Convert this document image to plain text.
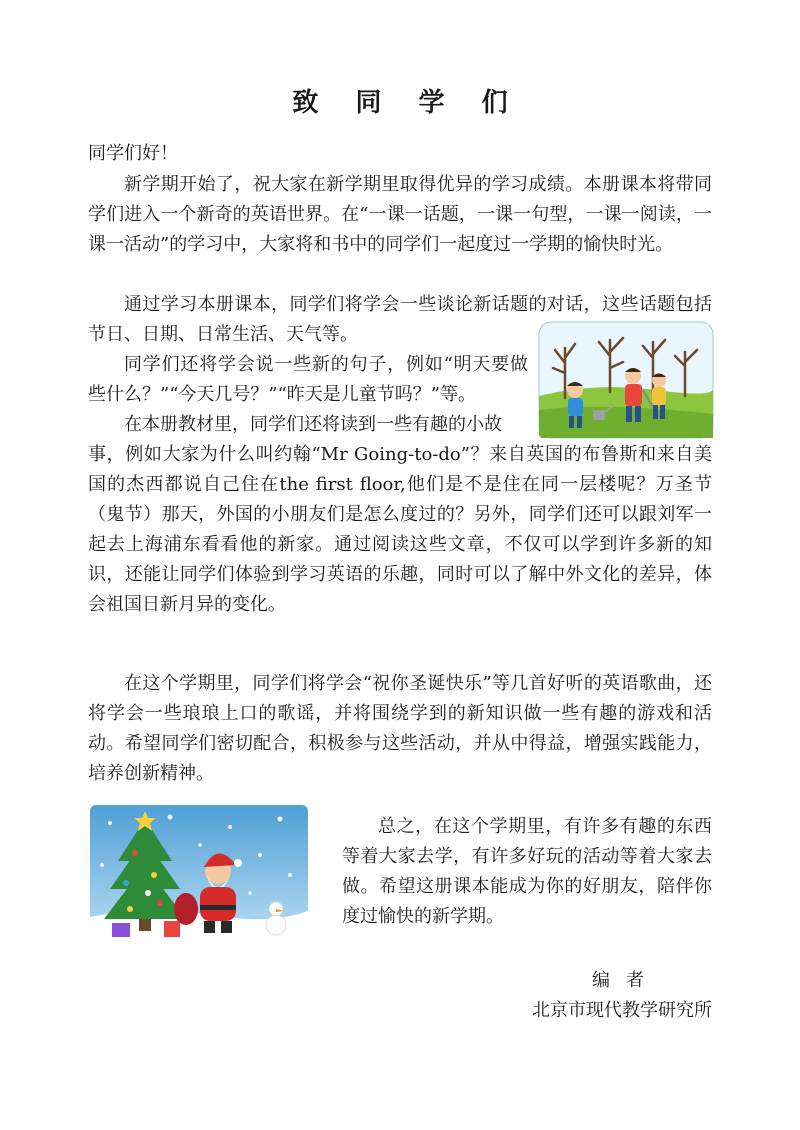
致 同 学 们

同学们好！

新学期开始了，祝大家在新学期里取得优异的学习成绩。本册课本将带同学们进入一个新奇的英语世界。在“一课一话题，一课一句型，一课一阅读，一课一活动”的学习中，大家将和书中的同学们一起度过一学期的愉快时光。

通过学习本册课本，同学们将学会一些谈论新话题的对话，这些话题包括节日、日期、日常生活、天气等。

同学们还将学会说一些新的句子，例如“明天要做些什么？”“今天几号？”“昨天是儿童节吗？”等。

在本册教材里，同学们还将读到一些有趣的小故

事，例如大家为什么叫约翰“Mr Going-to-do”？来自英国的布鲁斯和来自美国的杰西都说自己住在the first floor,他们是不是住在同一层楼呢？万圣节（鬼节）那天，外国的小朋友们是怎么度过的？另外，同学们还可以跟刘军一起去上海浦东看看他的新家。通过阅读这些文章，不仅可以学到许多新的知识，还能让同学们体验到学习英语的乐趣，同时可以了解中外文化的差异，体会祖国日新月异的变化。

在这个学期里，同学们将学会“祝你圣诞快乐”等几首好听的英语歌曲，还将学会一些琅琅上口的歌谣，并将围绕学到的新知识做一些有趣的游戏和活动。希望同学们密切配合，积极参与这些活动，并从中得益，增强实践能力，培养创新精神。

总之，在这个学期里，有许多有趣的东西等着大家去学，有许多好玩的活动等着大家去做。希望这册课本能成为你的好朋友，陪伴你度过愉快的新学期。

编者

北京市现代教学研究所
